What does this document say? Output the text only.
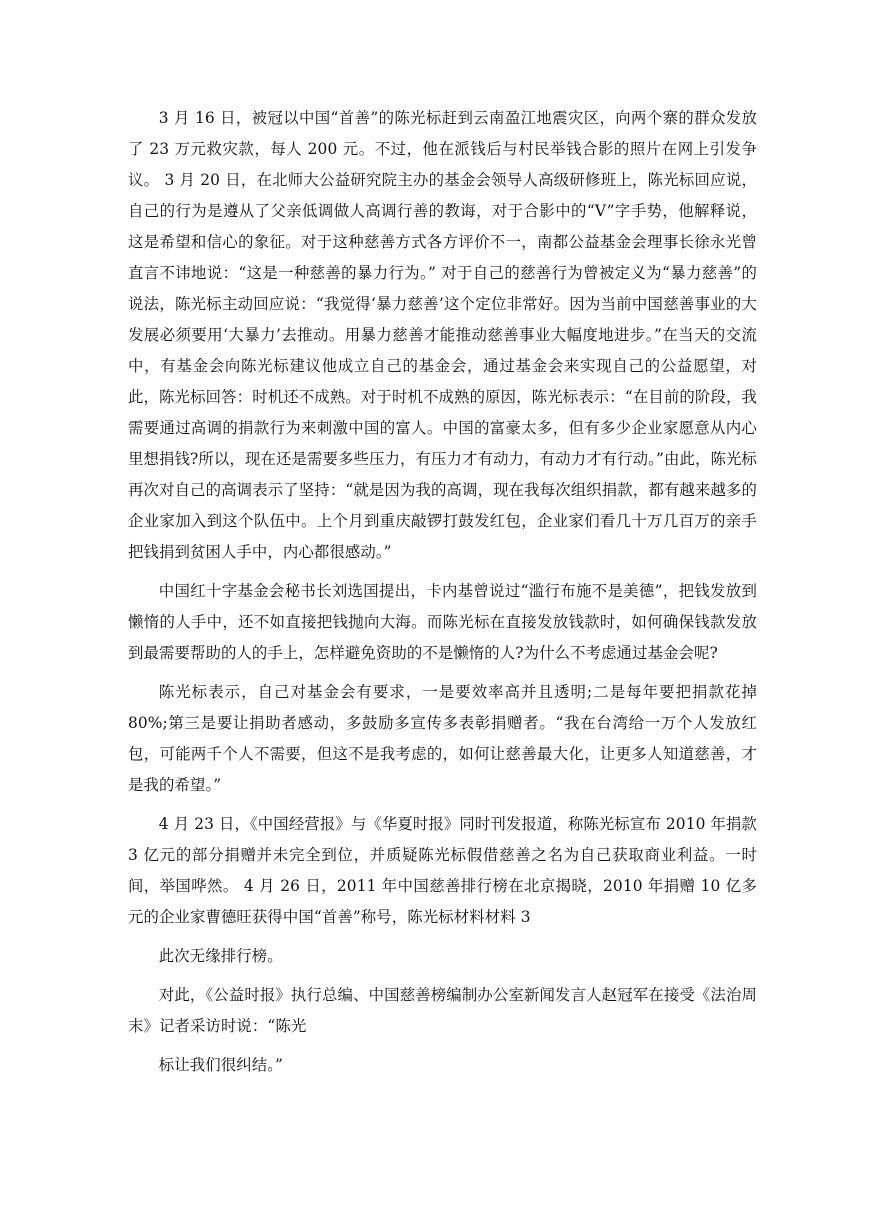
3 月 16 日，被冠以中国“首善”的陈光标赶到云南盈江地震灾区，向两个寨的群众发放了 23 万元救灾款，每人 200 元。不过，他在派钱后与村民举钱合影的照片在网上引发争议。 3 月 20 日，在北师大公益研究院主办的基金会领导人高级研修班上，陈光标回应说，自己的行为是遵从了父亲低调做人高调行善的教诲，对于合影中的“V”字手势，他解释说，这是希望和信心的象征。对于这种慈善方式各方评价不一，南都公益基金会理事长徐永光曾直言不讳地说：“这是一种慈善的暴力行为。” 对于自己的慈善行为曾被定义为“暴力慈善”的说法，陈光标主动回应说：“我觉得‘暴力慈善’这个定位非常好。因为当前中国慈善事业的大发展必须要用‘大暴力’去推动。用暴力慈善才能推动慈善事业大幅度地进步。”在当天的交流中，有基金会向陈光标建议他成立自己的基金会，通过基金会来实现自己的公益愿望，对此，陈光标回答：时机还不成熟。对于时机不成熟的原因，陈光标表示：“在目前的阶段，我需要通过高调的捐款行为来刺激中国的富人。中国的富豪太多，但有多少企业家愿意从内心里想捐钱?所以，现在还是需要多些压力，有压力才有动力，有动力才有行动。”由此，陈光标再次对自己的高调表示了坚持：“就是因为我的高调，现在我每次组织捐款，都有越来越多的企业家加入到这个队伍中。上个月到重庆敲锣打鼓发红包，企业家们看几十万几百万的亲手把钱捐到贫困人手中，内心都很感动。”

中国红十字基金会秘书长刘选国提出，卡内基曾说过“滥行布施不是美德”，把钱发放到懒惰的人手中，还不如直接把钱抛向大海。而陈光标在直接发放钱款时，如何确保钱款发放到最需要帮助的人的手上，怎样避免资助的不是懒惰的人?为什么不考虑通过基金会呢?

陈光标表示，自己对基金会有要求，一是要效率高并且透明;二是每年要把捐款花掉 80%;第三是要让捐助者感动，多鼓励多宣传多表彰捐赠者。“我在台湾给一万个人发放红包，可能两千个人不需要，但这不是我考虑的，如何让慈善最大化，让更多人知道慈善，才是我的希望。”

4 月 23 日，《中国经营报》与《华夏时报》同时刊发报道，称陈光标宣布 2010 年捐款 3 亿元的部分捐赠并未完全到位，并质疑陈光标假借慈善之名为自己获取商业利益。一时间，举国哗然。 4 月 26 日，2011 年中国慈善排行榜在北京揭晓，2010 年捐赠 10 亿多元的企业家曹德旺获得中国“首善”称号，陈光标材料材料 3

此次无缘排行榜。

对此，《公益时报》执行总编、中国慈善榜编制办公室新闻发言人赵冠军在接受《法治周末》记者采访时说：“陈光

标让我们很纠结。”
